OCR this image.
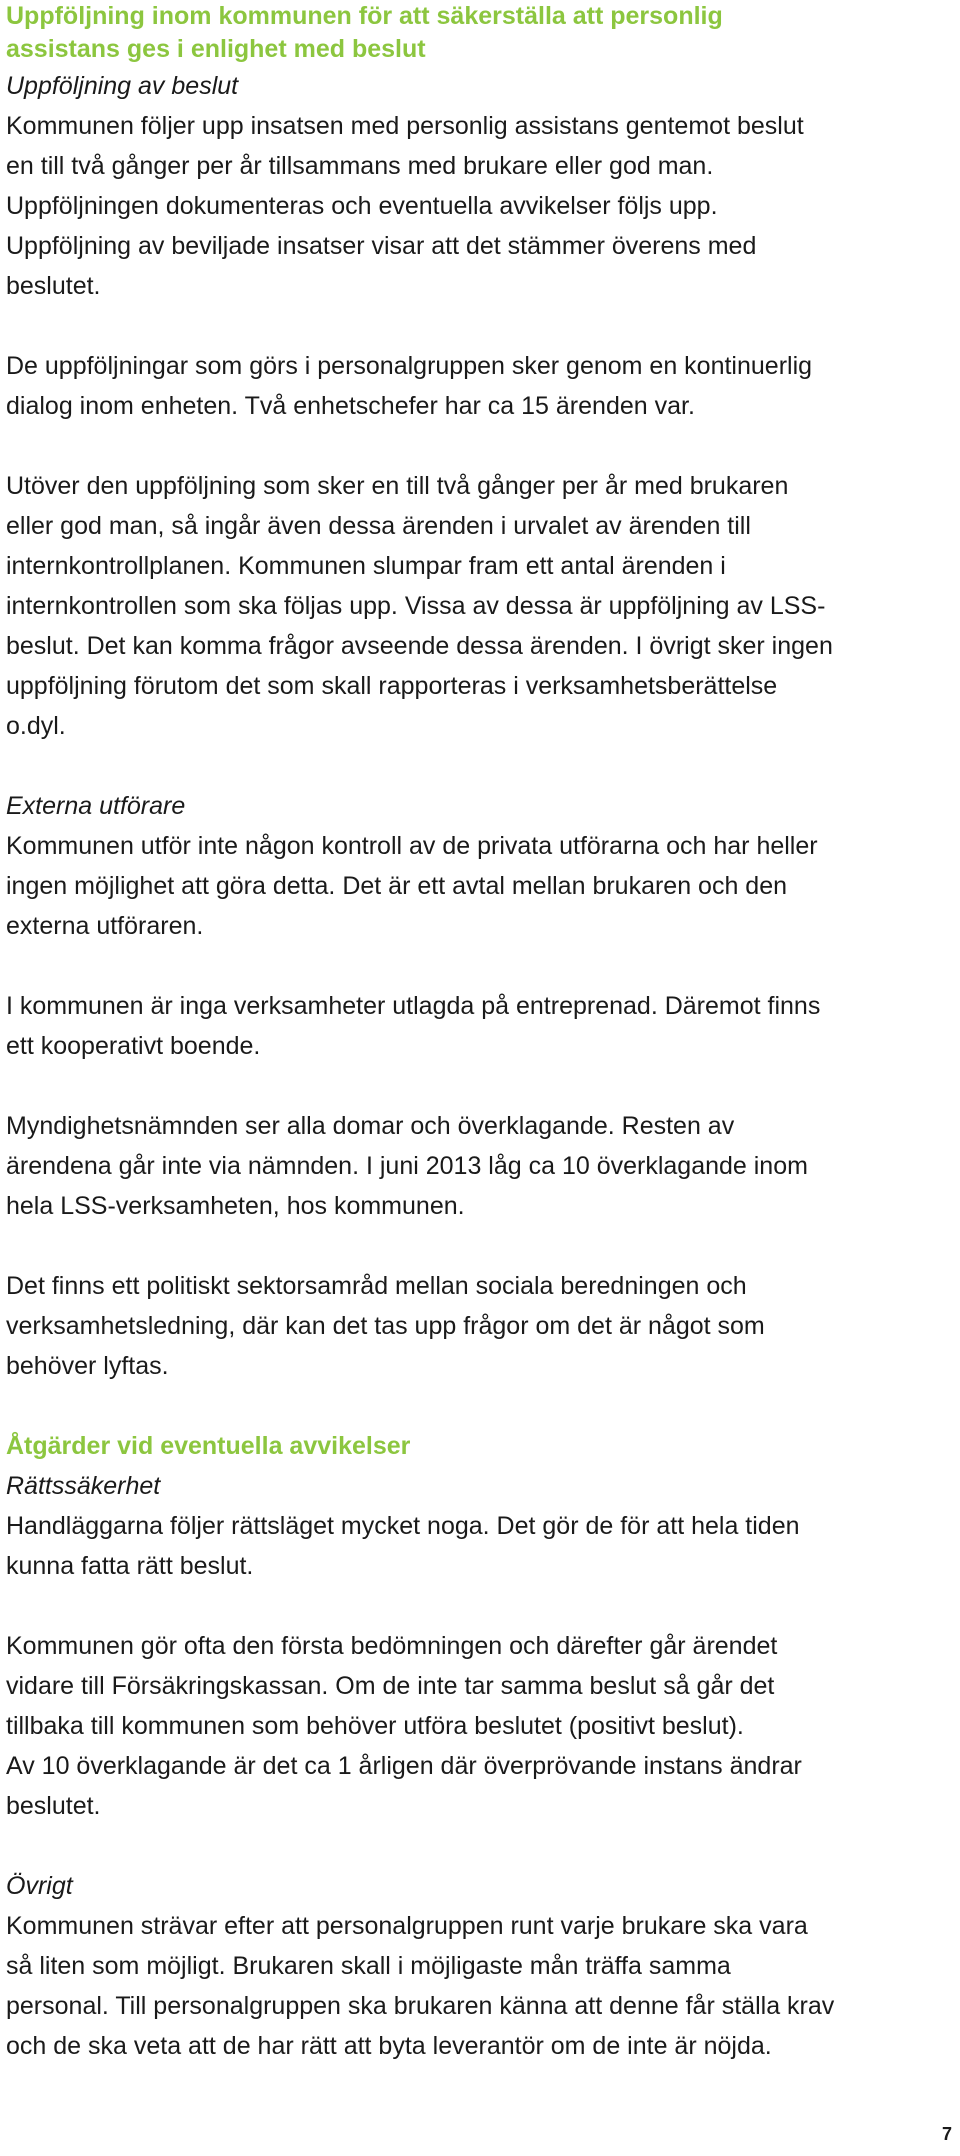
Uppföljning inom kommunen för att säkerställa att personlig
assistans ges i enlighet med beslut

Uppföljning av beslut

Kommunen följer upp insatsen med personlig assistans gentemot beslut
en till två gånger per år tillsammans med brukare eller god man.
Uppföljningen dokumenteras och eventuella avvikelser följs upp.
Uppföljning av beviljade insatser visar att det stämmer överens med
beslutet.

De uppföljningar som görs i personalgruppen sker genom en kontinuerlig
dialog inom enheten. Två enhetschefer har ca 15 ärenden var.

Utöver den uppföljning som sker en till två gånger per år med brukaren
eller god man, så ingår även dessa ärenden i urvalet av ärenden till
internkontrollplanen. Kommunen slumpar fram ett antal ärenden i
internkontrollen som ska följas upp. Vissa av dessa är uppföljning av LSS-
beslut. Det kan komma frågor avseende dessa ärenden. I övrigt sker ingen
uppföljning förutom det som skall rapporteras i verksamhetsberättelse
o.dyl.

Externa utförare

Kommunen utför inte någon kontroll av de privata utförarna och har heller
ingen möjlighet att göra detta. Det är ett avtal mellan brukaren och den
externa utföraren.

I kommunen är inga verksamheter utlagda på entreprenad. Däremot finns
ett kooperativt boende.

Myndighetsnämnden ser alla domar och överklagande. Resten av
ärendena går inte via nämnden. I juni 2013 låg ca 10 överklagande inom
hela LSS-verksamheten, hos kommunen.

Det finns ett politiskt sektorsamråd mellan sociala beredningen och
verksamhetsledning, där kan det tas upp frågor om det är något som
behöver lyftas.

Åtgärder vid eventuella avvikelser

Rättssäkerhet

Handläggarna följer rättsläget mycket noga. Det gör de för att hela tiden
kunna fatta rätt beslut.

Kommunen gör ofta den första bedömningen och därefter går ärendet
vidare till Försäkringskassan. Om de inte tar samma beslut så går det
tillbaka till kommunen som behöver utföra beslutet (positivt beslut).
Av 10 överklagande är det ca 1 årligen där överprövande instans ändrar
beslutet.

Övrigt

Kommunen strävar efter att personalgruppen runt varje brukare ska vara
så liten som möjligt. Brukaren skall i möjligaste mån träffa samma
personal. Till personalgruppen ska brukaren känna att denne får ställa krav
och de ska veta att de har rätt att byta leverantör om de inte är nöjda.

7
